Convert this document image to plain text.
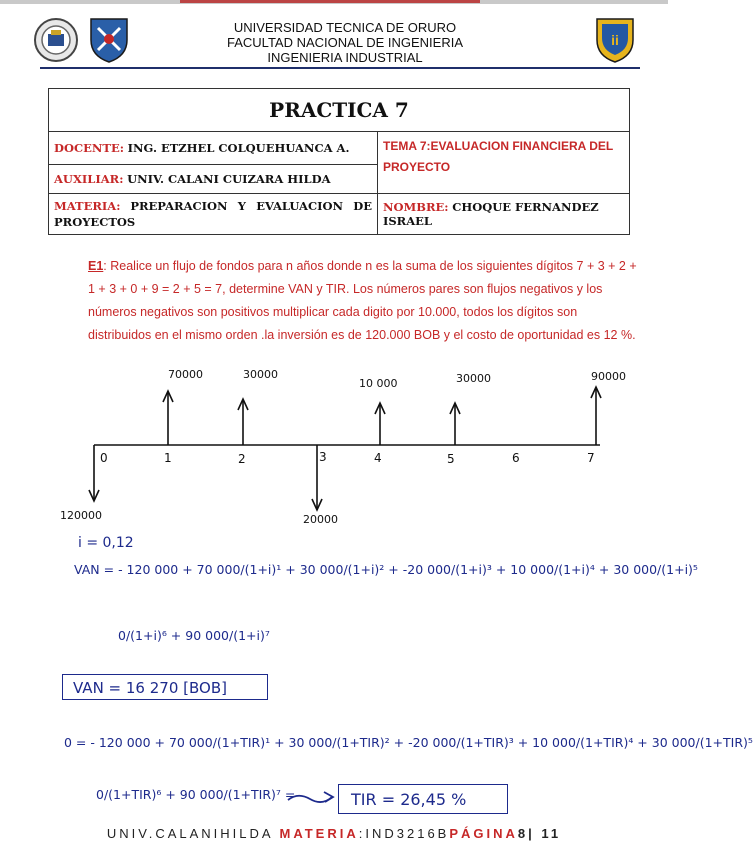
ii
UNIVERSIDAD TECNICA DE ORURO
FACULTAD NACIONAL DE INGENIERIA
INGENIERIA INDUSTRIAL
PRACTICA 7	
DOCENTE: ING. ETZHEL COLQUEHUANCA A.	TEMA 7:EVALUACION FINANCIERA DEL PROYECTO
AUXILIAR: UNIV. CALANI CUIZARA HILDA	
MATERIA: PREPARACION Y EVALUACION DE PROYECTOS	NOMBRE: CHOQUE FERNANDEZ ISRAEL
E1: Realice un flujo de fondos para n años donde n es la suma de los siguientes dígitos 7 + 3 + 2 + 1 + 3 + 0 + 9 = 2 + 5 = 7, determine VAN y TIR. Los números pares son flujos negativos y los números negativos son positivos multiplicar cada digito por 10.000, todos los dígitos son distribuidos en el mismo orden .la inversión es de 120.000 BOB y el costo de oportunidad es 12 %.
0	1	2	3	4	5	6	7
70000	30000
10 000	30000	90000
120000	20000
i = 0,12
VAN = - 120 000 + 70 000/(1+i)¹ + 30 000/(1+i)² + -20 000/(1+i)³ + 10 000/(1+i)⁴ + 30 000/(1+i)⁵
0/(1+i)⁶ + 90 000/(1+i)⁷
VAN = 16 270 [BOB]
0 = - 120 000 + 70 000/(1+TIR)¹ + 30 000/(1+TIR)² + -20 000/(1+TIR)³ + 10 000/(1+TIR)⁴ + 30 000/(1+TIR)⁵
0/(1+TIR)⁶ + 90 000/(1+TIR)⁷ =	TIR = 26,45 %
UNIV.CALANIHILDA MATERIA:IND3216BPÁGINA8| 11
